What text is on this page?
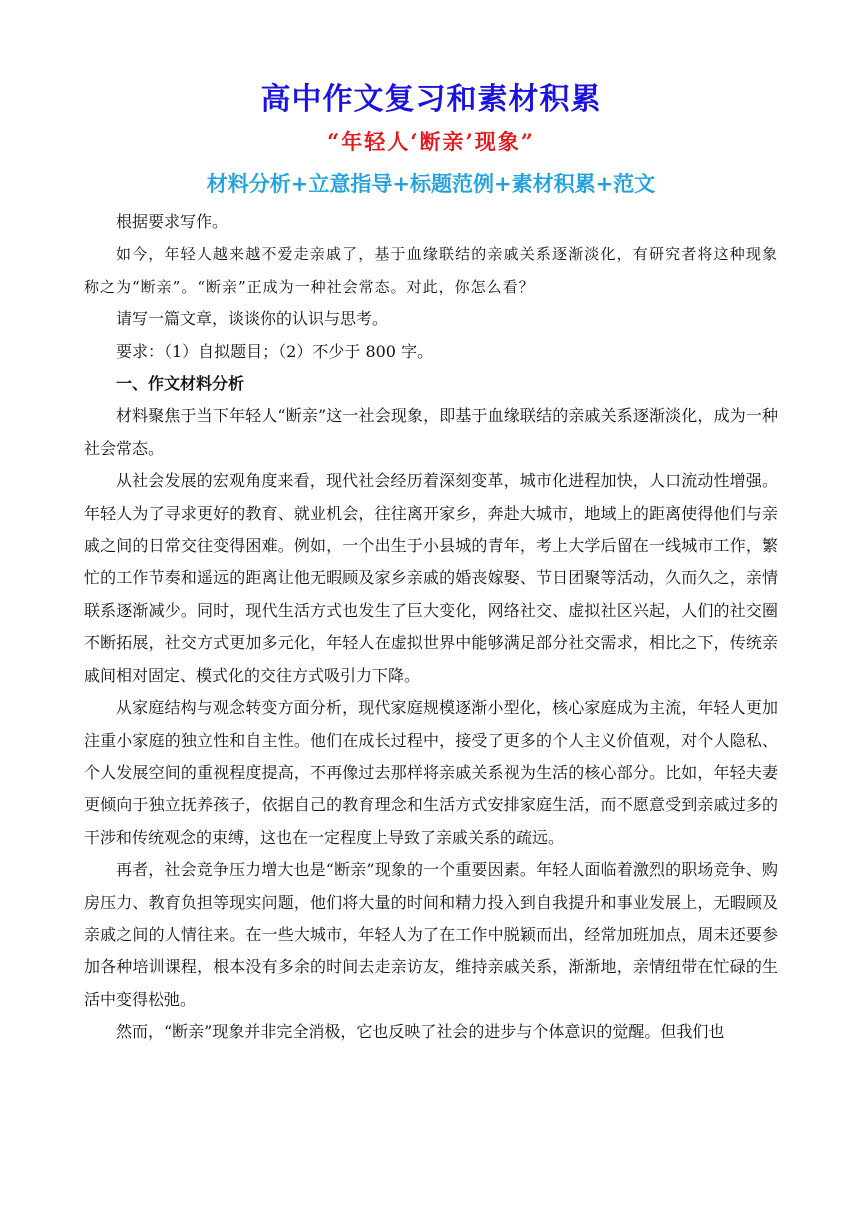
高中作文复习和素材积累
“年轻人‘断亲’现象”
材料分析+立意指导+标题范例+素材积累+范文

根据要求写作。

如今，年轻人越来越不爱走亲戚了，基于血缘联结的亲戚关系逐渐淡化，有研究者将这种现象称之为“断亲”。“断亲”正成为一种社会常态。对此，你怎么看？

请写一篇文章，谈谈你的认识与思考。

要求：（1）自拟题目；（2）不少于 800 字。

一、作文材料分析

材料聚焦于当下年轻人“断亲”这一社会现象，即基于血缘联结的亲戚关系逐渐淡化，成为一种社会常态。

从社会发展的宏观角度来看，现代社会经历着深刻变革，城市化进程加快，人口流动性增强。年轻人为了寻求更好的教育、就业机会，往往离开家乡，奔赴大城市，地域上的距离使得他们与亲戚之间的日常交往变得困难。例如，一个出生于小县城的青年，考上大学后留在一线城市工作，繁忙的工作节奏和遥远的距离让他无暇顾及家乡亲戚的婚丧嫁娶、节日团聚等活动，久而久之，亲情联系逐渐减少。同时，现代生活方式也发生了巨大变化，网络社交、虚拟社区兴起，人们的社交圈不断拓展，社交方式更加多元化，年轻人在虚拟世界中能够满足部分社交需求，相比之下，传统亲戚间相对固定、模式化的交往方式吸引力下降。

从家庭结构与观念转变方面分析，现代家庭规模逐渐小型化，核心家庭成为主流，年轻人更加注重小家庭的独立性和自主性。他们在成长过程中，接受了更多的个人主义价值观，对个人隐私、个人发展空间的重视程度提高，不再像过去那样将亲戚关系视为生活的核心部分。比如，年轻夫妻更倾向于独立抚养孩子，依据自己的教育理念和生活方式安排家庭生活，而不愿意受到亲戚过多的干涉和传统观念的束缚，这也在一定程度上导致了亲戚关系的疏远。

再者，社会竞争压力增大也是“断亲”现象的一个重要因素。年轻人面临着激烈的职场竞争、购房压力、教育负担等现实问题，他们将大量的时间和精力投入到自我提升和事业发展上，无暇顾及亲戚之间的人情往来。在一些大城市，年轻人为了在工作中脱颖而出，经常加班加点，周末还要参加各种培训课程，根本没有多余的时间去走亲访友，维持亲戚关系，渐渐地，亲情纽带在忙碌的生活中变得松弛。

然而，“断亲”现象并非完全消极，它也反映了社会的进步与个体意识的觉醒。但我们也
